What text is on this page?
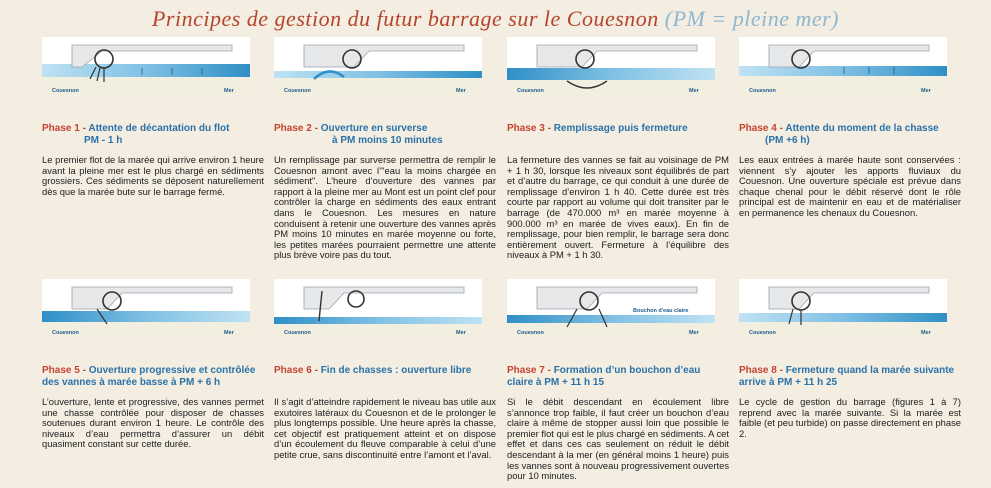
Principes de gestion du futur barrage sur le Couesnon (PM = pleine mer)
Couesnon	Mer
Phase 1 - Attente de décantation du flot
PM - 1 h
Le premier flot de la marée qui arrive environ 1 heure avant la pleine mer est le plus chargé en sédiments grossiers. Ces sédiments se déposent naturellement dès que la marée bute sur le barrage fermé.
Couesnon	Mer
Phase 2 - Ouverture en surverse
à PM moins 10 minutes
Un remplissage par surverse permettra de remplir le Couesnon amont avec l’"eau la moins chargée en sédiment". L’heure d’ouverture des vannes par rapport à la pleine mer au Mont est un point clef pour contrôler la charge en sédiments des eaux entrant dans le Couesnon. Les mesures en nature conduisent à retenir une ouverture des vannes après PM moins 10 minutes en marée moyenne ou forte, les petites marées pourraient permettre une attente plus brève voire pas du tout.
Couesnon	Mer
Phase 3 - Remplissage puis fermeture
La fermeture des vannes se fait au voisinage de PM + 1 h 30, lorsque les niveaux sont équilibrés de part et d’autre du barrage, ce qui conduit à une durée de remplissage d’environ 1 h 40. Cette durée est très courte par rapport au volume qui doit transiter par le barrage (de 470.000 m³ en marée moyenne à 900.000 m³ en marée de vives eaux). En fin de remplissage, pour bien remplir, le barrage sera donc entièrement ouvert. Fermeture à l’équilibre des niveaux à PM + 1 h 30.
Couesnon	Mer
Phase 4 - Attente du moment de la chasse
(PM +6 h)
Les eaux entrées à marée haute sont conservées : viennent s’y ajouter les apports fluviaux du Couesnon. Une ouverture spéciale est prévue dans chaque chenal pour le débit réservé dont le rôle principal est de maintenir en eau et de matérialiser en permanence les chenaux du Couesnon.
Couesnon	Mer
Phase 5 - Ouverture progressive et contrôlée
des vannes à marée basse à PM + 6 h
L’ouverture, lente et progressive, des vannes permet une chasse contrôlée pour disposer de chasses soutenues durant environ 1 heure. Le contrôle des niveaux d’eau permettra d’assurer un débit quasiment constant sur cette durée.
Couesnon	Mer
Phase 6 - Fin de chasses : ouverture libre
Il s’agit d’atteindre rapidement le niveau bas utile aux exutoires latéraux du Couesnon et de le prolonger le plus longtemps possible. Une heure après la chasse, cet objectif est pratiquement atteint et on dispose d’un écoulement du fleuve comparable à celui d’une petite crue, sans discontinuité entre l’amont et l’aval.
Bouchon d'eau claire
Couesnon	Mer
Phase 7 - Formation d’un bouchon d’eau
claire à PM + 11 h 15
Si le débit descendant en écoulement libre s’annonce trop faible, il faut créer un bouchon d’eau claire à même de stopper aussi loin que possible le premier flot qui est le plus chargé en sédiments. A cet effet et dans ces cas seulement on réduit le débit descendant à la mer (en général moins 1 heure) puis les vannes sont à nouveau progressivement ouvertes pour 10 minutes.
Couesnon	Mer
Phase 8 - Fermeture quand la marée suivante
arrive à PM + 11 h 25
Le cycle de gestion du barrage (figures 1 à 7) reprend avec la marée suivante. Si la marée est faible (et peu turbide) on passe directement en phase 2.
